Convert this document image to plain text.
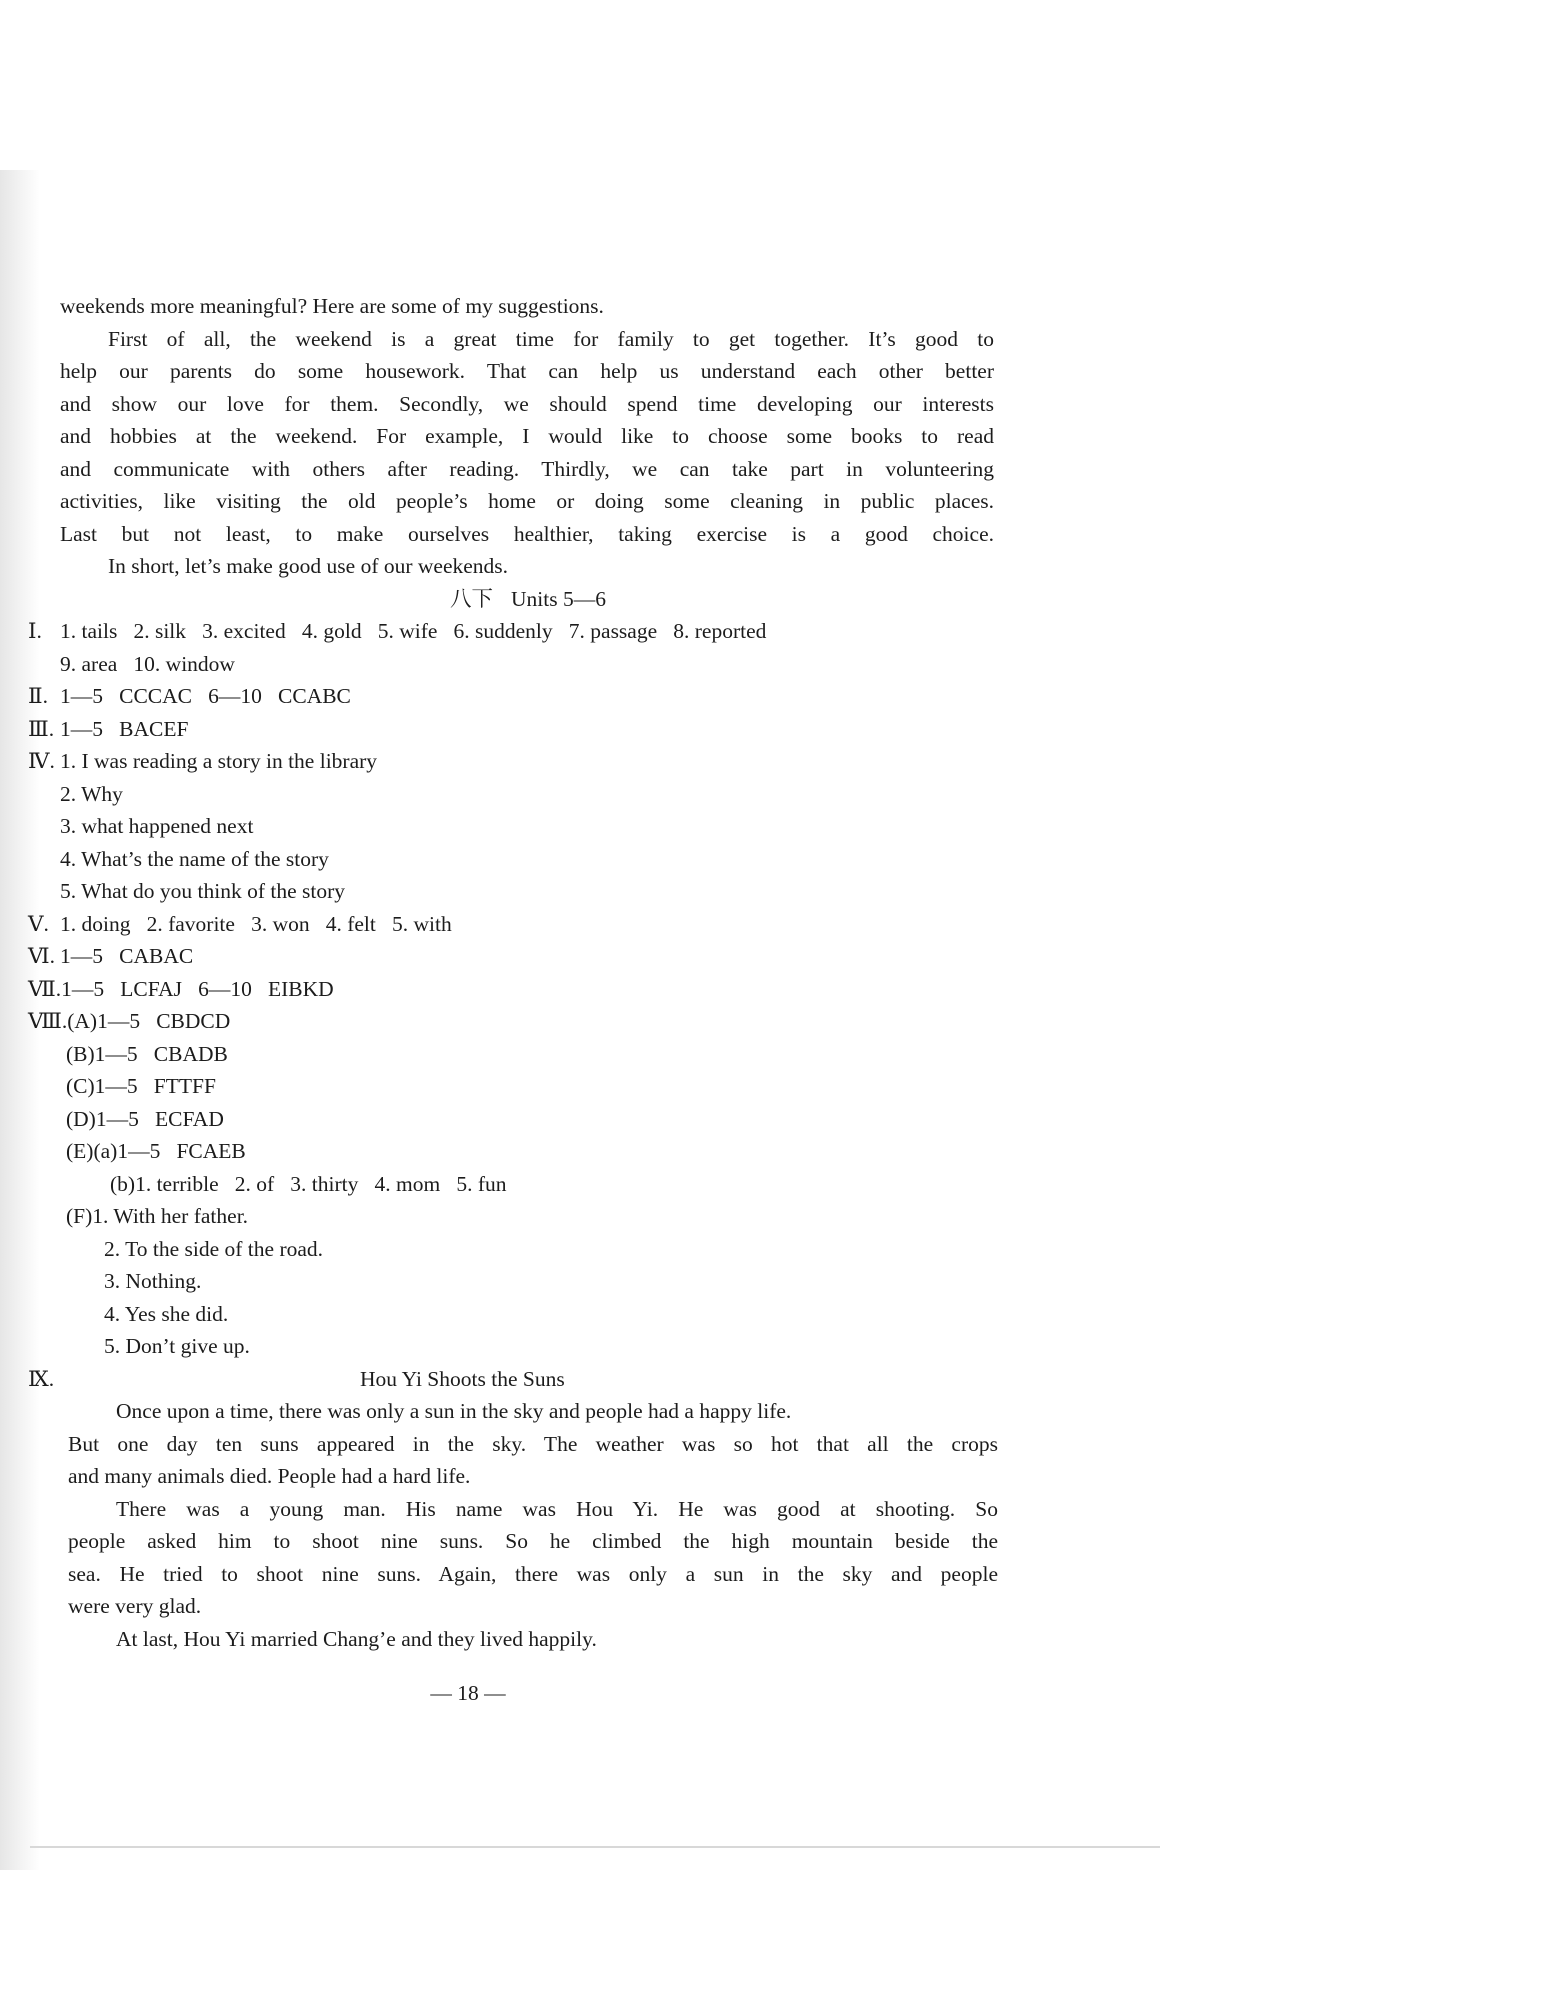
weekends more meaningful? Here are some of my suggestions.
First of all, the weekend is a great time for family to get together. It’s good to
help our parents do some housework. That can help us understand each other better
and show our love for them. Secondly, we should spend time developing our interests
and hobbies at the weekend. For example, I would like to choose some books to read
and communicate with others after reading. Thirdly, we can take part in volunteering
activities, like visiting the old people’s home or doing some cleaning in public places.
Last but not least, to make ourselves healthier, taking exercise is a good choice.
In short, let’s make good use of our weekends.
八下 Units 5—6
Ⅰ. 1. tails   2. silk   3. excited   4. gold   5. wife   6. suddenly   7. passage   8. reported
9. area   10. window
Ⅱ. 1—5   CCCAC   6—10   CCABC
Ⅲ. 1—5   BACEF
Ⅳ. 1. I was reading a story in the library
2. Why
3. what happened next
4. What’s the name of the story
5. What do you think of the story
Ⅴ. 1. doing   2. favorite   3. won   4. felt   5. with
Ⅵ. 1—5   CABAC
Ⅶ.1—5   LCFAJ   6—10   EIBKD
Ⅷ.(A)1—5   CBDCD
(B)1—5   CBADB
(C)1—5   FTTFF
(D)1—5   ECFAD
(E)(a)1—5   FCAEB
(b)1. terrible   2. of   3. thirty   4. mom   5. fun
(F)1. With her father.
2. To the side of the road.
3. Nothing.
4. Yes she did.
5. Don’t give up.
Ⅸ.	Hou Yi Shoots the Suns
Once upon a time, there was only a sun in the sky and people had a happy life.
But one day ten suns appeared in the sky. The weather was so hot that all the crops
and many animals died. People had a hard life.
There was a young man. His name was Hou Yi. He was good at shooting. So
people asked him to shoot nine suns. So he climbed the high mountain beside the
sea. He tried to shoot nine suns. Again, there was only a sun in the sky and people
were very glad.
At last, Hou Yi married Chang’e and they lived happily.
— 18 —
